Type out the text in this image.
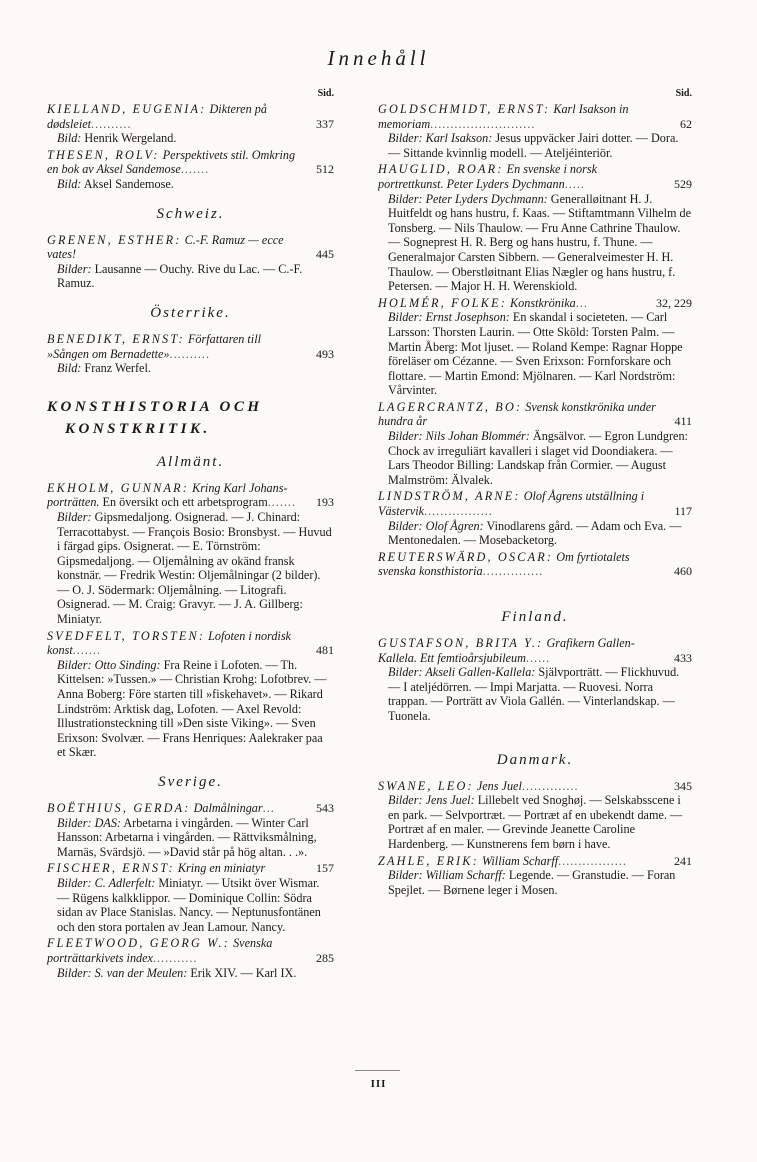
Innehåll
Sid.
KIELLAND, EUGENIA: Dikteren på dødsleiet..........	337
Bild: Henrik Wergeland.
THESEN, ROLV: Perspektivets stil. Omkring en bok av Aksel Sandemose.......	512
Bild: Aksel Sandemose.
Schweiz.
GRENEN, ESTHER: C.-F. Ramuz — ecce vates!	445
Bilder: Lausanne — Ouchy. Rive du Lac. — C.-F. Ramuz.
Österrike.
BENEDIKT, ERNST: Författaren till »Sången om Bernadette»..........	493
Bild: Franz Werfel.
KONSTHISTORIA OCH
KONSTKRITIK.
Allmänt.
EKHOLM, GUNNAR: Kring Karl Johans-porträtten. En översikt och ett arbetsprogram....... 193
Bilder: Gipsmedaljong. Osignerad. — J. Chinard: Terracottabyst. — François Bosio: Bronsbyst. — Huvud i färgad gips. Osignerat. — E. Törnström: Gipsmedaljong. — Oljemålning av okänd fransk konstnär. — Fredrik Westin: Oljemålningar (2 bilder). — O. J. Södermark: Oljemålning. — Litografi. Osignerad. — M. Craig: Gravyr. — J. A. Gillberg: Miniatyr.
SVEDFELT, TORSTEN: Lofoten i nordisk konst.......	481
Bilder: Otto Sinding: Fra Reine i Lofoten. — Th. Kittelsen: »Tussen.» — Christian Krohg: Lofotbrev. — Anna Boberg: Före starten till »fiskehavet». — Rikard Lindström: Arktisk dag, Lofoten. — Axel Revold: Illustrationsteckning till »Den siste Viking». — Sven Erixson: Svolvær. — Frans Henriques: Aalekraker paa et Skær.
Sverige.
BOËTHIUS, GERDA: Dalmålningar...	543
Bilder: DAS: Arbetarna i vingården. — Winter Carl Hansson: Arbetarna i vingården. — Rättviksmålning, Marnäs, Svärdsjö. — »David står på hög altan. . .».
FISCHER, ERNST: Kring en miniatyr	157
Bilder: C. Adlerfelt: Miniatyr. — Utsikt över Wismar. — Rügens kalkklippor. — Dominique Collin: Södra sidan av Place Stanislas. Nancy. — Neptunusfontänen och den stora portalen av Jean Lamour. Nancy.
FLEETWOOD, GEORG W.: Svenska porträttarkivets index...........	285
Bilder: S. van der Meulen: Erik XIV. — Karl IX.
Sid.
GOLDSCHMIDT, ERNST: Karl Isakson in memoriam..........................	62
Bilder: Karl Isakson: Jesus uppväcker Jairi dotter. — Dora. — Sittande kvinnlig modell. — Ateljéinteriör.
HAUGLID, ROAR: En svenske i norsk portrettkunst. Peter Lyders Dychmann.....	529
Bilder: Peter Lyders Dychmann: Generalløitnant H. J. Huitfeldt og hans hustru, f. Kaas. — Stiftamtmann Vilhelm de Tonsberg. — Nils Thaulow. — Fru Anne Cathrine Thaulow. — Sogneprest H. R. Berg og hans hustru, f. Thune. — Generalmajor Carsten Sibbern. — Generalveimester H. H. Thaulow. — Oberstløitnant Elias Nægler og hans hustru, f. Petersen. — Major H. H. Werenskiold.
HOLMÉR, FOLKE: Konstkrönika...	32, 229
Bilder: Ernst Josephson: En skandal i societeten. — Carl Larsson: Thorsten Laurin. — Otte Sköld: Torsten Palm. — Martin Åberg: Mot ljuset. — Roland Kempe: Ragnar Hoppe föreläser om Cézanne. — Sven Erixson: Fornforskare och flottare. — Martin Emond: Mjölnaren. — Karl Nordström: Vårvinter.
LAGERCRANTZ, BO: Svensk konstkrönika under hundra år	411
Bilder: Nils Johan Blommér: Ängsälvor. — Egron Lundgren: Chock av irreguliärt kavalleri i slaget vid Doondiakera. — Lars Theodor Billing: Landskap från Cormier. — August Malmström: Älvalek.
LINDSTRÖM, ARNE: Olof Ågrens utställning i Västervik.................	117
Bilder: Olof Ågren: Vinodlarens gård. — Adam och Eva. — Mentonedalen. — Mosebacketorg.
REUTERSWÄRD, OSCAR: Om fyrtiotalets svenska konsthistoria...............	460
Finland.
GUSTAFSON, BRITA Y.: Grafikern Gallen-Kallela. Ett femtioårsjubileum......	433
Bilder: Akseli Gallen-Kallela: Självporträtt. — Flickhuvud. — I ateljédörren. — Impi Marjatta. — Ruovesi. Norra trappan. — Porträtt av Viola Gallén. — Vinterlandskap. — Tuonela.
Danmark.
SWANE, LEO: Jens Juel..............	345
Bilder: Jens Juel: Lillebelt ved Snoghøj. — Selskabsscene i en park. — Selvportræt. — Portræt af en ubekendt dame. — Portræt af en maler. — Grevinde Jeanette Caroline Hardenberg. — Kunstnerens fem børn i have.
ZAHLE, ERIK: William Scharff.................	241
Bilder: William Scharff: Legende. — Granstudie. — Foran Spejlet. — Børnene leger i Mosen.
III
